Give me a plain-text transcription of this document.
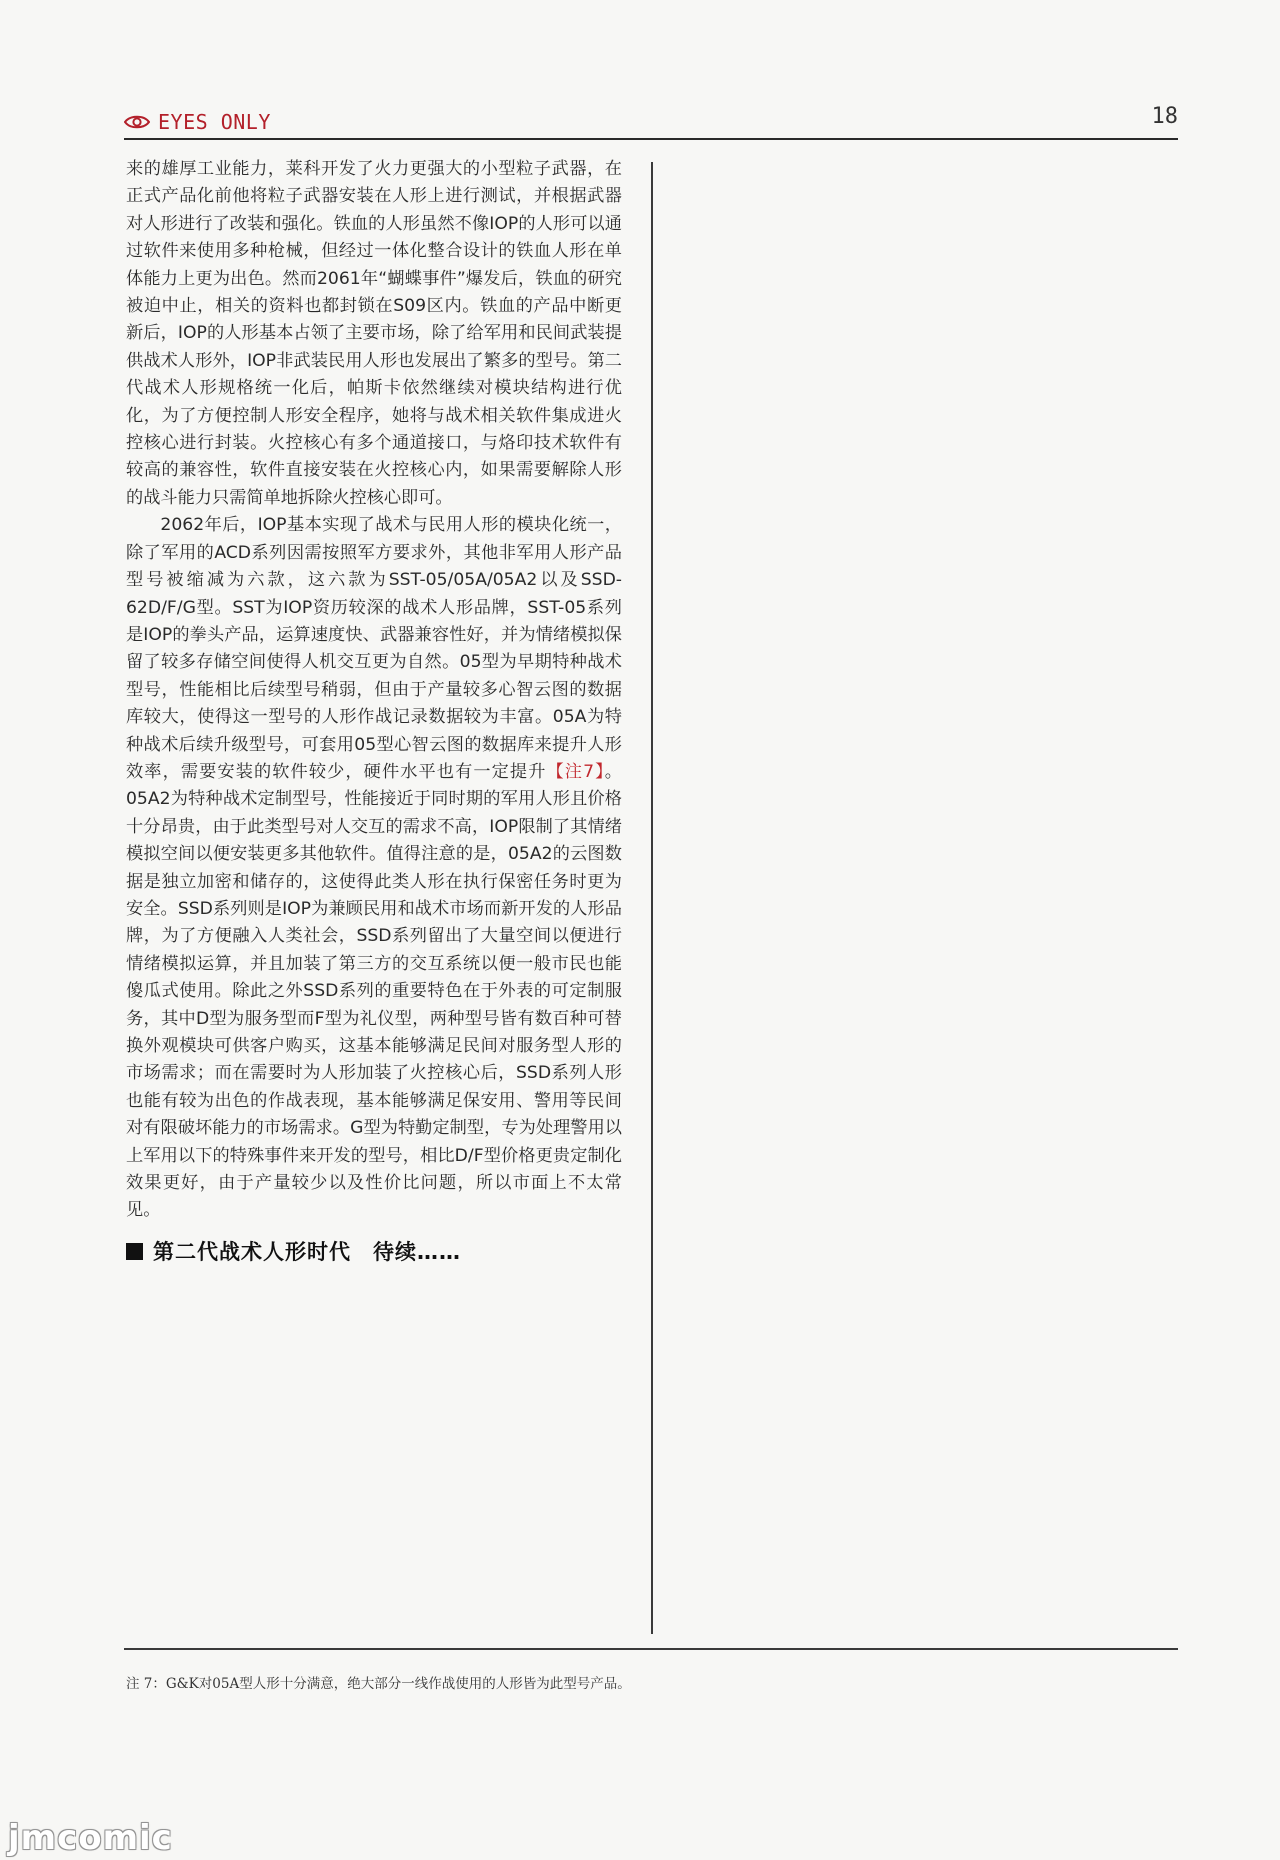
EYES ONLY	18

来的雄厚工业能力，莱科开发了火力更强大的小型粒子武器，在正式产品化前他将粒子武器安装在人形上进行测试，并根据武器对人形进行了改装和强化。铁血的人形虽然不像IOP的人形可以通过软件来使用多种枪械，但经过一体化整合设计的铁血人形在单体能力上更为出色。然而2061年“蝴蝶事件”爆发后，铁血的研究被迫中止，相关的资料也都封锁在S09区内。铁血的产品中断更新后，IOP的人形基本占领了主要市场，除了给军用和民间武装提供战术人形外，IOP非武装民用人形也发展出了繁多的型号。第二代战术人形规格统一化后，帕斯卡依然继续对模块结构进行优化，为了方便控制人形安全程序，她将与战术相关软件集成进火控核心进行封装。火控核心有多个通道接口，与烙印技术软件有较高的兼容性，软件直接安装在火控核心内，如果需要解除人形的战斗能力只需简单地拆除火控核心即可。

2062年后，IOP基本实现了战术与民用人形的模块化统一，除了军用的ACD系列因需按照军方要求外，其他非军用人形产品型号被缩减为六款，这六款为SST-05/05A/05A2以及SSD-62D/F/G型。SST为IOP资历较深的战术人形品牌，SST-05系列是IOP的拳头产品，运算速度快、武器兼容性好，并为情绪模拟保留了较多存储空间使得人机交互更为自然。05型为早期特种战术型号，性能相比后续型号稍弱，但由于产量较多心智云图的数据库较大，使得这一型号的人形作战记录数据较为丰富。05A为特种战术后续升级型号，可套用05型心智云图的数据库来提升人形效率，需要安装的软件较少，硬件水平也有一定提升【注7】。05A2为特种战术定制型号，性能接近于同时期的军用人形且价格十分昂贵，由于此类型号对人交互的需求不高，IOP限制了其情绪模拟空间以便安装更多其他软件。值得注意的是，05A2的云图数据是独立加密和储存的，这使得此类人形在执行保密任务时更为安全。SSD系列则是IOP为兼顾民用和战术市场而新开发的人形品牌，为了方便融入人类社会，SSD系列留出了大量空间以便进行情绪模拟运算，并且加装了第三方的交互系统以便一般市民也能傻瓜式使用。除此之外SSD系列的重要特色在于外表的可定制服务，其中D型为服务型而F型为礼仪型，两种型号皆有数百种可替换外观模块可供客户购买，这基本能够满足民间对服务型人形的市场需求；而在需要时为人形加装了火控核心后，SSD系列人形也能有较为出色的作战表现，基本能够满足保安用、警用等民间对有限破坏能力的市场需求。G型为特勤定制型，专为处理警用以上军用以下的特殊事件来开发的型号，相比D/F型价格更贵定制化效果更好，由于产量较少以及性价比问题，所以市面上不太常见。

第二代战术人形时代　待续……
注 7：G&K对05A型人形十分满意，绝大部分一线作战使用的人形皆为此型号产品。
jmcomic
